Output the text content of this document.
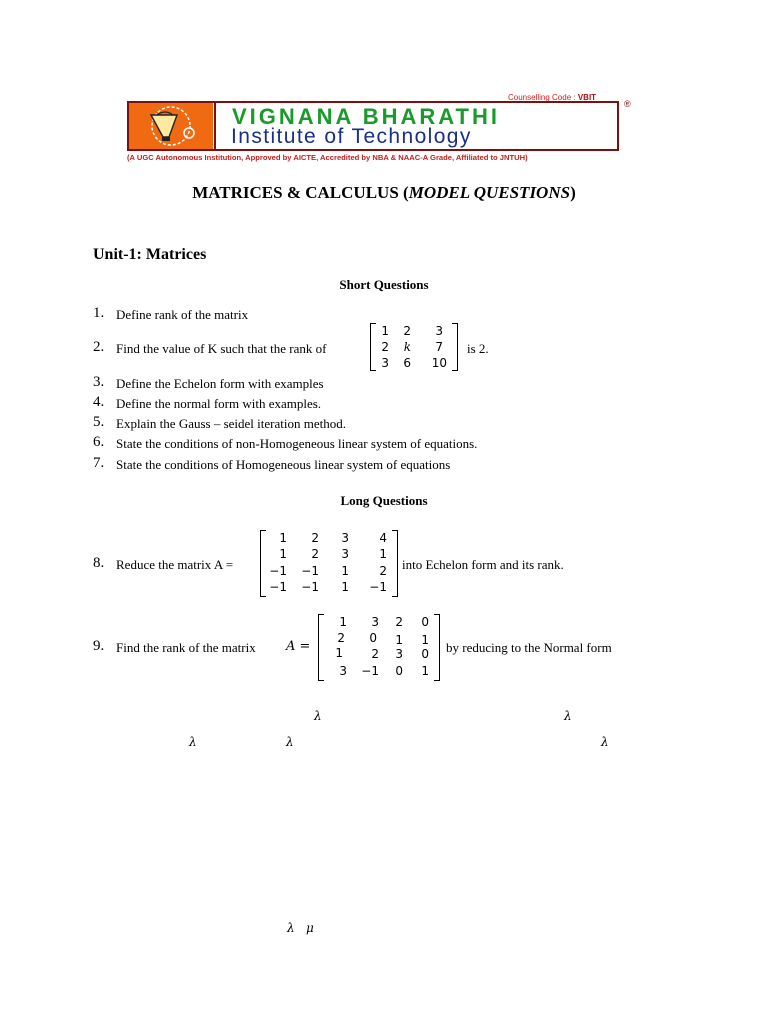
Counselling Code : VBIT
VIGNANA BHARATHI
Institute of Technology
®
(A UGC Autonomous Institution, Approved by AICTE, Accredited by NBA & NAAC-A Grade, Affiliated to JNTUH)
MATRICES & CALCULUS (MODEL QUESTIONS)
Unit-1: Matrices
Short Questions
1. Define rank of the matrix
2. Find the value of K such that the rank of
1	2	3
2	k	7
3	6	10
is 2.
3. Define the Echelon form with examples
4. Define the normal form with examples.
5. Explain the Gauss – seidel iteration method.
6. State the conditions of non-Homogeneous linear system of equations.
7. State the conditions of Homogeneous linear system of equations
Long Questions
8. Reduce the matrix A =
1	2	3	4
1	2	3	1
−1	−1	1	2
−1	−1	1	−1
into Echelon form and its rank.
9. Find the rank of the matrix A =
1	3	2	0
2	0	1	1
1	2	3	0
3	−1	0	1
by reducing to the Normal form
λ	λ
λ	λ	λ
λ   μ
